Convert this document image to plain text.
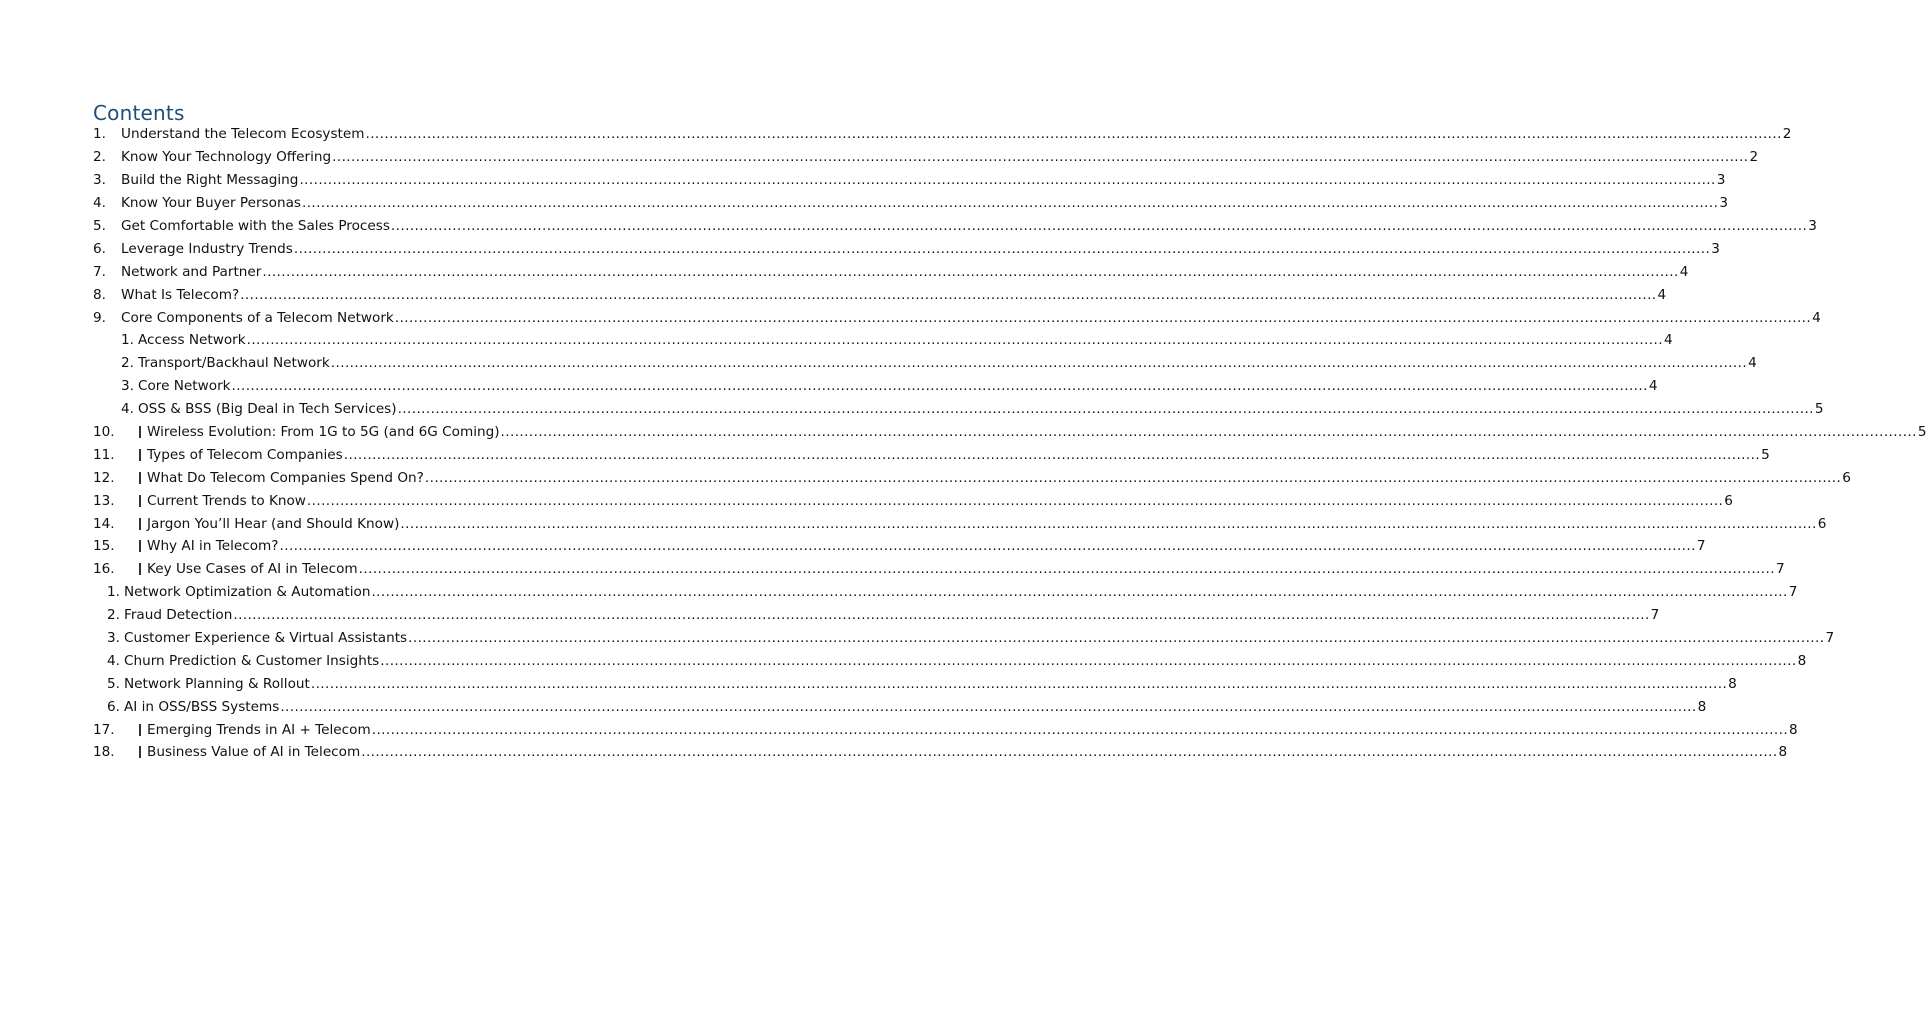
Contents
1.	Understand the Telecom Ecosystem ............................................................................................................................................................................................................................................................................................................ 2
2.	Know Your Technology Offering ............................................................................................................................................................................................................................................................................................................ 2
3.	Build the Right Messaging ............................................................................................................................................................................................................................................................................................................ 3
4.	Know Your Buyer Personas ............................................................................................................................................................................................................................................................................................................ 3
5.	Get Comfortable with the Sales Process ............................................................................................................................................................................................................................................................................................................ 3
6.	Leverage Industry Trends ............................................................................................................................................................................................................................................................................................................ 3
7.	Network and Partner ............................................................................................................................................................................................................................................................................................................ 4
8.	What Is Telecom? ............................................................................................................................................................................................................................................................................................................ 4
9.	Core Components of a Telecom Network ............................................................................................................................................................................................................................................................................................................ 4
1. Access Network ............................................................................................................................................................................................................................................................................................................ 4
2. Transport/Backhaul Network ............................................................................................................................................................................................................................................................................................................ 4
3. Core Network ............................................................................................................................................................................................................................................................................................................ 4
4. OSS & BSS (Big Deal in Tech Services) ............................................................................................................................................................................................................................................................................................................ 5
10.	Wireless Evolution: From 1G to 5G (and 6G Coming) ............................................................................................................................................................................................................................................................................................................ 5
11.	Types of Telecom Companies ............................................................................................................................................................................................................................................................................................................ 5
12.	What Do Telecom Companies Spend On? ............................................................................................................................................................................................................................................................................................................ 6
13.	Current Trends to Know ............................................................................................................................................................................................................................................................................................................ 6
14.	Jargon You’ll Hear (and Should Know) ............................................................................................................................................................................................................................................................................................................ 6
15.	Why AI in Telecom? ............................................................................................................................................................................................................................................................................................................ 7
16.	Key Use Cases of AI in Telecom ............................................................................................................................................................................................................................................................................................................ 7
1. Network Optimization & Automation ............................................................................................................................................................................................................................................................................................................ 7
2. Fraud Detection ............................................................................................................................................................................................................................................................................................................ 7
3. Customer Experience & Virtual Assistants ............................................................................................................................................................................................................................................................................................................ 7
4. Churn Prediction & Customer Insights ............................................................................................................................................................................................................................................................................................................ 8
5. Network Planning & Rollout ............................................................................................................................................................................................................................................................................................................ 8
6. AI in OSS/BSS Systems ............................................................................................................................................................................................................................................................................................................ 8
17.	Emerging Trends in AI + Telecom ............................................................................................................................................................................................................................................................................................................ 8
18.	Business Value of AI in Telecom ............................................................................................................................................................................................................................................................................................................ 8
